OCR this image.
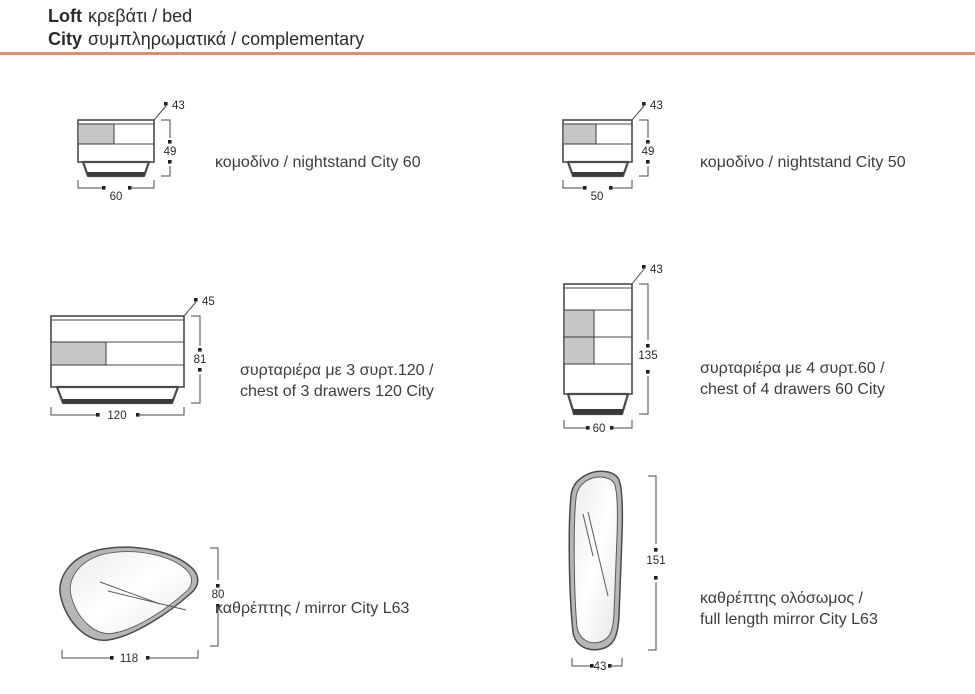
Loft κρεβάτι / bed
City συμπληρωματικά / complementary
43
49
60
κομοδίνο / nightstand City 60
43
49
50
κομοδίνο / nightstand City 50
45
81
120
συρταριέρα με 3 συρτ.120 /
chest of 3 drawers 120 City
43
135
60
συρταριέρα με 4 συρτ.60 /
chest of 4 drawers 60 City
80
118
καθρέπτης / mirror City L63
151
43
καθρέπτης ολόσωμος /
full length mirror City L63
